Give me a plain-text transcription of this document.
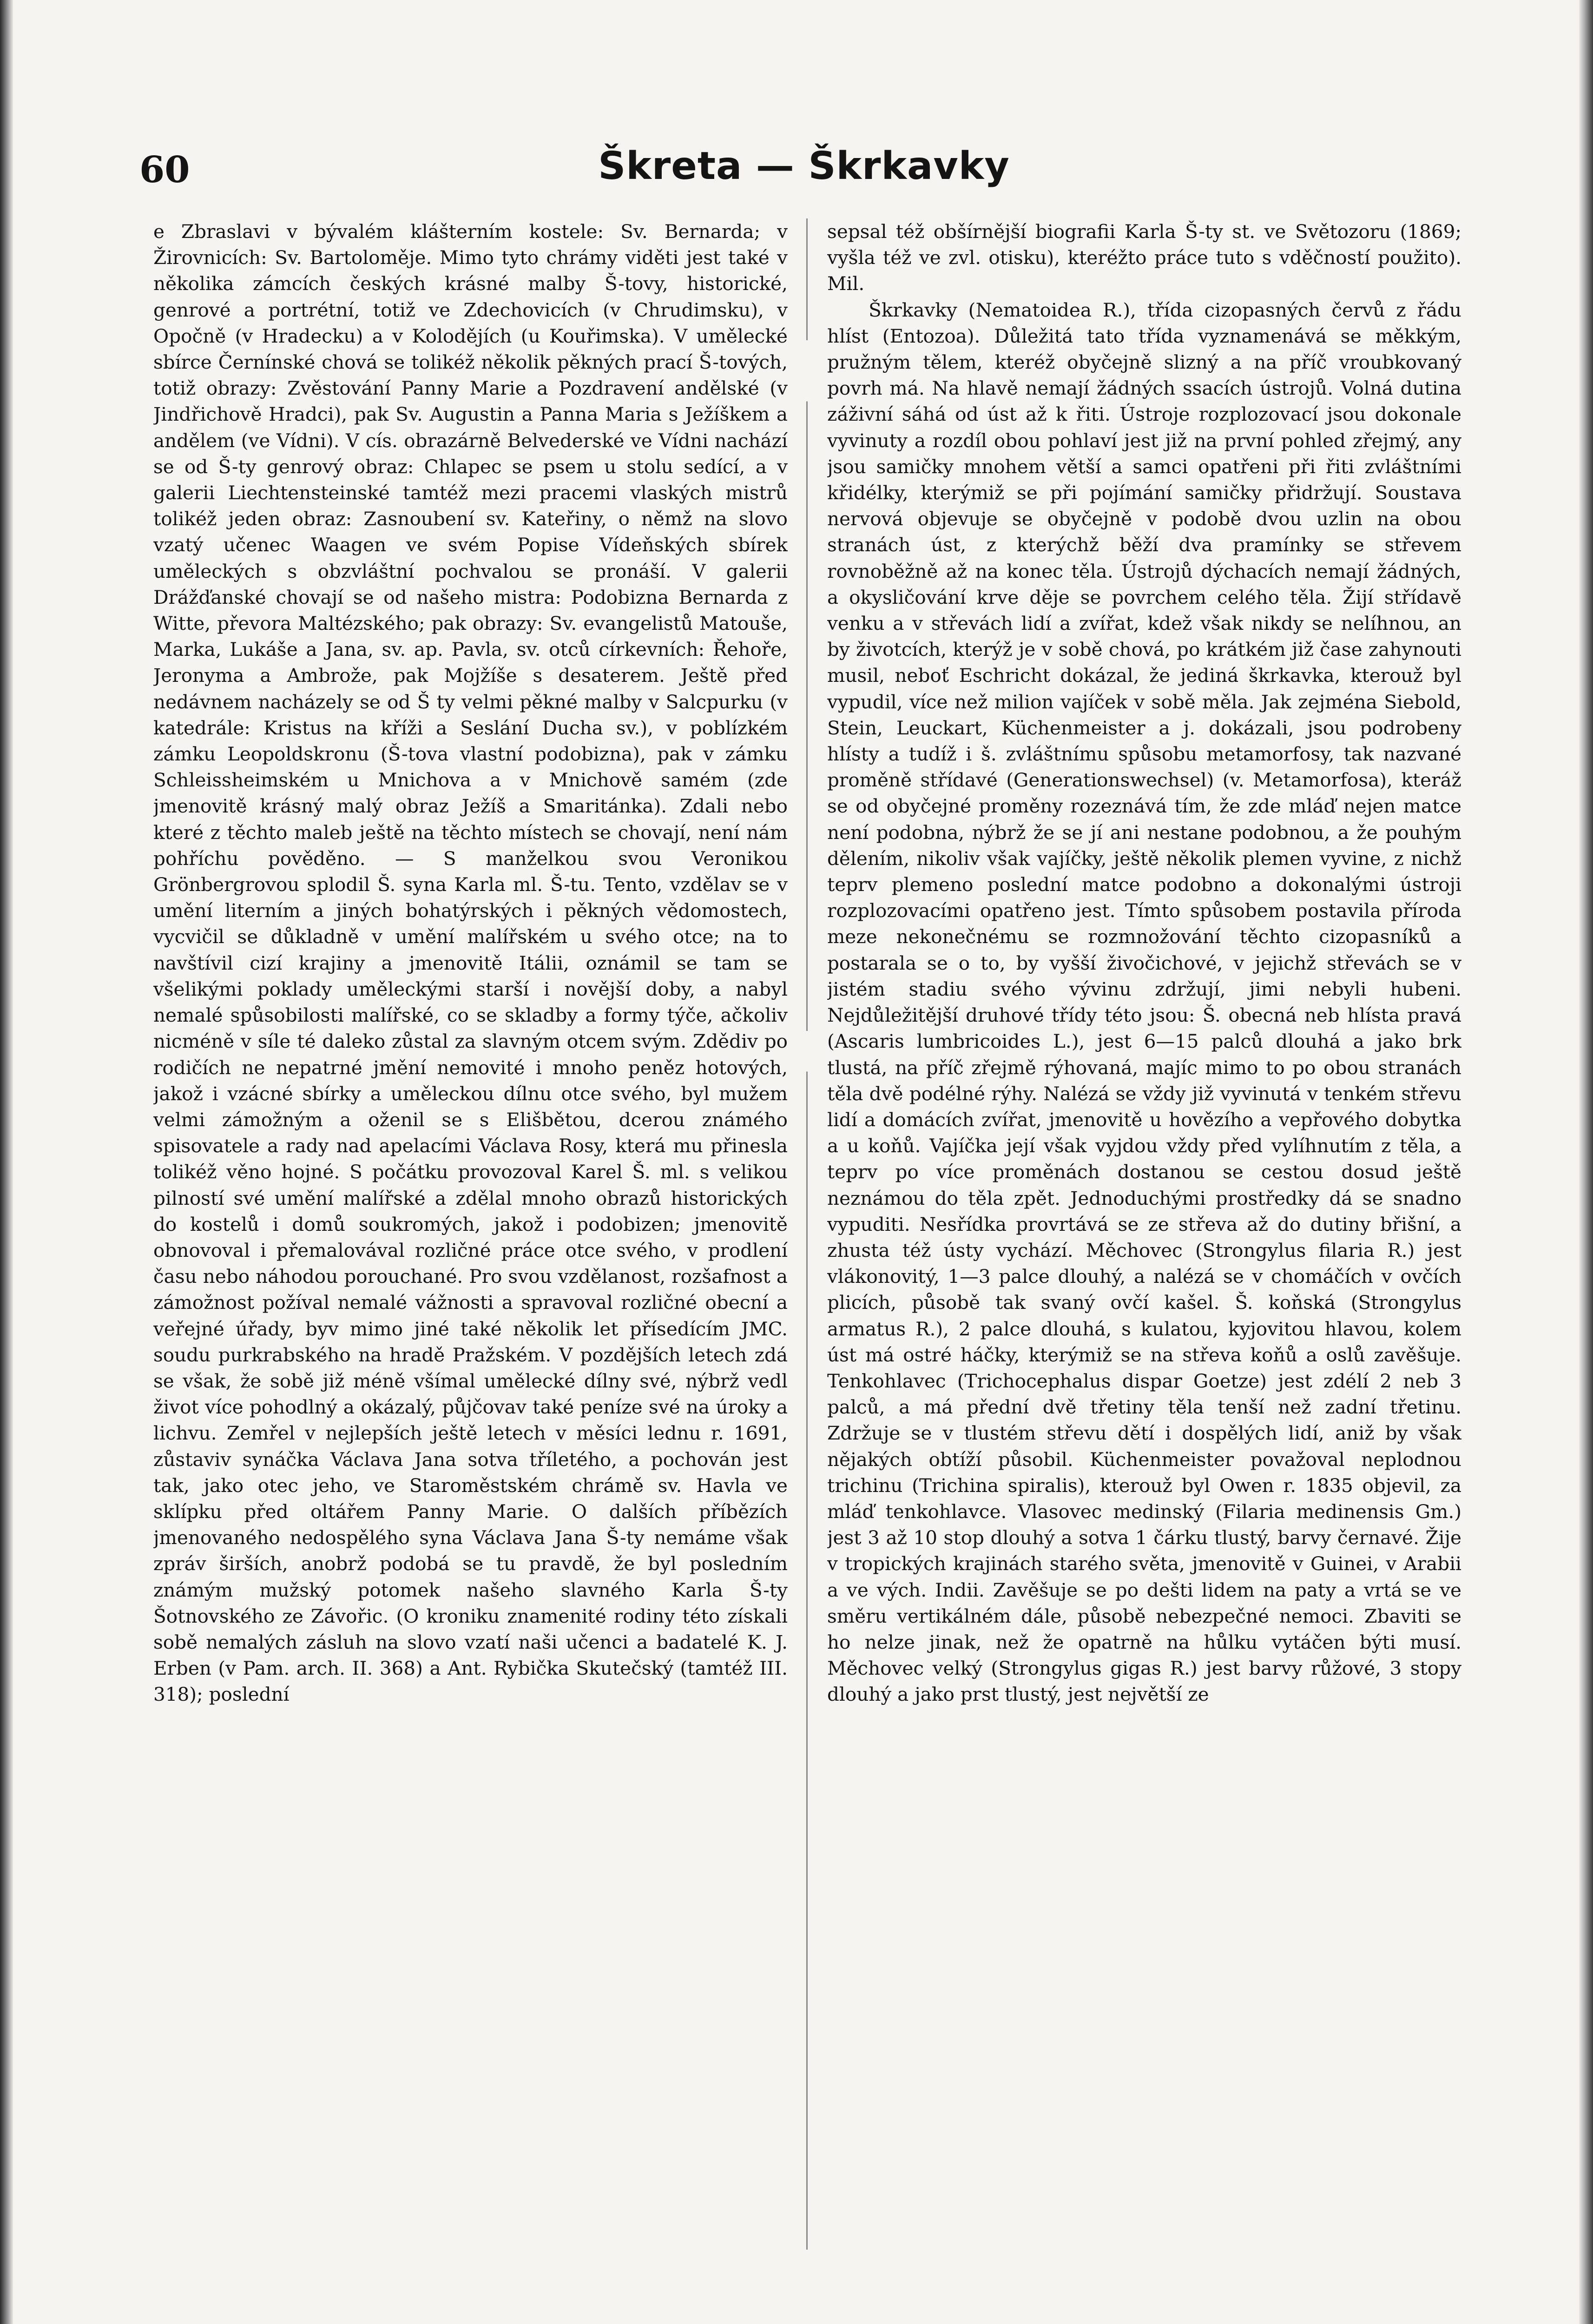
60	Škreta — Škrkavky

e Zbraslavi v bývalém klášterním kostele: Sv. Bernarda; v Žirovnicích: Sv. Bartoloměje. Mimo tyto chrámy viděti jest také v několika zámcích českých krásné malby Š-tovy, historické, genrové a portrétní, totiž ve Zdechovicích (v Chrudimsku), v Opočně (v Hradecku) a v Kolodějích (u Kouřimska). V umělecké sbírce Černínské chová se tolikéž několik pěkných prací Š-tových, totiž obrazy: Zvěstování Panny Marie a Pozdravení andělské (v Jindřichově Hradci), pak Sv. Augustin a Panna Maria s Ježíškem a andělem (ve Vídni). V cís. obrazárně Belvederské ve Vídni nachází se od Š-ty genrový obraz: Chlapec se psem u stolu sedící, a v galerii Liechtensteinské tamtéž mezi pracemi vlaských mistrů tolikéž jeden obraz: Zasnoubení sv. Kateřiny, o němž na slovo vzatý učenec Waagen ve svém Popise Vídeňských sbírek uměleckých s obzvláštní pochvalou se pronáší. V galerii Drážďanské chovají se od našeho mistra: Podobizna Bernarda z Witte, převora Maltézského; pak obrazy: Sv. evangelistů Matouše, Marka, Lukáše a Jana, sv. ap. Pavla, sv. otců církevních: Řehoře, Jeronyma a Ambrože, pak Mojžíše s desaterem. Ještě před nedávnem nacházely se od Š ty velmi pěkné malby v Salcpurku (v katedrále: Kristus na kříži a Seslání Ducha sv.), v poblízkém zámku Leopoldskronu (Š-tova vlastní podobizna), pak v zámku Schleissheimském u Mnichova a v Mnichově samém (zde jmenovitě krásný malý obraz Ježíš a Smaritánka). Zdali nebo které z těchto maleb ještě na těchto místech se chovají, není nám pohříchu pověděno. — S manželkou svou Veronikou Grönbergrovou splodil Š. syna Karla ml. Š-tu. Tento, vzdělav se v umění literním a jiných bohatýrských i pěkných vědomostech, vycvičil se důkladně v umění malířském u svého otce; na to navštívil cizí krajiny a jmenovitě Itálii, oznámil se tam se všelikými poklady uměleckými starší i novější doby, a nabyl nemalé spůsobilosti malířské, co se skladby a formy týče, ačkoliv nicméně v síle té daleko zůstal za slavným otcem svým. Zdědiv po rodičích ne nepatrné jmění nemovité i mnoho peněz hotových, jakož i vzácné sbírky a uměleckou dílnu otce svého, byl mužem velmi zámožným a oženil se s Elišbětou, dcerou známého spisovatele a rady nad apelacími Václava Rosy, která mu přinesla tolikéž věno hojné. S počátku provozoval Karel Š. ml. s velikou pilností své umění malířské a zdělal mnoho obrazů historických do kostelů i domů soukromých, jakož i podobizen; jmenovitě obnovoval i přemalovával rozličné práce otce svého, v prodlení času nebo náhodou porouchané. Pro svou vzdělanost, rozšafnost a zámožnost požíval nemalé vážnosti a spravoval rozličné obecní a veřejné úřady, byv mimo jiné také několik let přísedícím JMC. soudu purkrabského na hradě Pražském. V pozdějších letech zdá se však, že sobě již méně všímal umělecké dílny své, nýbrž vedl život více pohodlný a okázalý, půjčovav také peníze své na úroky a lichvu. Zemřel v nejlepších ještě letech v měsíci lednu r. 1691, zůstaviv synáčka Václava Jana sotva tříletého, a pochován jest tak, jako otec jeho, ve Staroměstském chrámě sv. Havla ve sklípku před oltářem Panny Marie. O dalších příbězích jmenovaného nedospělého syna Václava Jana Š-ty nemáme však zpráv širších, anobrž podobá se tu pravdě, že byl posledním známým mužský potomek našeho slavného Karla Š-ty Šotnovského ze Závořic. (O kroniku znamenité rodiny této získali sobě nemalých zásluh na slovo vzatí naši učenci a badatelé K. J. Erben (v Pam. arch. II. 368) a Ant. Rybička Skutečský (tamtéž III. 318); poslední

sepsal též obšírnější biografii Karla Š-ty st. ve Světozoru (1869; vyšla též ve zvl. otisku), kteréžto práce tuto s vděčností použito). Mil.

Škrkavky (Nematoidea R.), třída cizopasných červů z řádu hlíst (Entozoa). Důležitá tato třída vyznamenává se měkkým, pružným tělem, kteréž obyčejně slizný a na příč vroubkovaný povrh má. Na hlavě nemají žádných ssacích ústrojů. Volná dutina záživní sáhá od úst až k řiti. Ústroje rozplozovací jsou dokonale vyvinuty a rozdíl obou pohlaví jest již na první pohled zřejmý, any jsou samičky mnohem větší a samci opatřeni při řiti zvláštními křidélky, kterýmiž se při pojímání samičky přidržují. Soustava nervová objevuje se obyčejně v podobě dvou uzlin na obou stranách úst, z kterýchž běží dva pramínky se střevem rovnoběžně až na konec těla. Ústrojů dýchacích nemají žádných, a okysličování krve děje se povrchem celého těla. Žijí střídavě venku a v střevách lidí a zvířat, kdež však nikdy se nelíhnou, an by životcích, kterýž je v sobě chová, po krátkém již čase zahynouti musil, neboť Eschricht dokázal, že jediná škrkavka, kterouž byl vypudil, více než milion vajíček v sobě měla. Jak zejména Siebold, Stein, Leuckart, Küchenmeister a j. dokázali, jsou podrobeny hlísty a tudíž i š. zvláštnímu spůsobu metamorfosy, tak nazvané proměně střídavé (Generationswechsel) (v. Metamorfosa), kteráž se od obyčejné proměny rozeznává tím, že zde mláď nejen matce není podobna, nýbrž že se jí ani nestane podobnou, a že pouhým dělením, nikoliv však vajíčky, ještě několik plemen vyvine, z nichž teprv plemeno poslední matce podobno a dokonalými ústroji rozplozovacími opatřeno jest. Tímto spůsobem postavila příroda meze nekonečnému se rozmnožování těchto cizopasníků a postarala se o to, by vyšší živočichové, v jejichž střevách se v jistém stadiu svého vývinu zdržují, jimi nebyli hubeni. Nejdůležitější druhové třídy této jsou: Š. obecná neb hlísta pravá (Ascaris lumbricoides L.), jest 6—15 palců dlouhá a jako brk tlustá, na příč zřejmě rýhovaná, majíc mimo to po obou stranách těla dvě podélné rýhy. Nalézá se vždy již vyvinutá v tenkém střevu lidí a domácích zvířat, jmenovitě u hovězího a vepřového dobytka a u koňů. Vajíčka její však vyjdou vždy před vylíhnutím z těla, a teprv po více proměnách dostanou se cestou dosud ještě neznámou do těla zpět. Jednoduchými prostředky dá se snadno vypuditi. Nesřídka provrtává se ze střeva až do dutiny břišní, a zhusta též ústy vychází. Měchovec (Strongylus filaria R.) jest vlákonovitý, 1—3 palce dlouhý, a nalézá se v chomáčích v ovčích plicích, působě tak svaný ovčí kašel. Š. koňská (Strongylus armatus R.), 2 palce dlouhá, s kulatou, kyjovitou hlavou, kolem úst má ostré háčky, kterýmiž se na střeva koňů a oslů zavěšuje. Tenkohlavec (Trichocephalus dispar Goetze) jest zdélí 2 neb 3 palců, a má přední dvě třetiny těla tenší než zadní třetinu. Zdržuje se v tlustém střevu dětí i dospělých lidí, aniž by však nějakých obtíží působil. Küchenmeister považoval neplodnou trichinu (Trichina spiralis), kterouž byl Owen r. 1835 objevil, za mláď tenkohlavce. Vlasovec medinský (Filaria medinensis Gm.) jest 3 až 10 stop dlouhý a sotva 1 čárku tlustý, barvy černavé. Žije v tropických krajinách starého světa, jmenovitě v Guinei, v Arabii a ve vých. Indii. Zavěšuje se po dešti lidem na paty a vrtá se ve směru vertikálném dále, působě nebezpečné nemoci. Zbaviti se ho nelze jinak, než že opatrně na hůlku vytáčen býti musí. Měchovec velký (Strongylus gigas R.) jest barvy růžové, 3 stopy dlouhý a jako prst tlustý, jest největší ze
